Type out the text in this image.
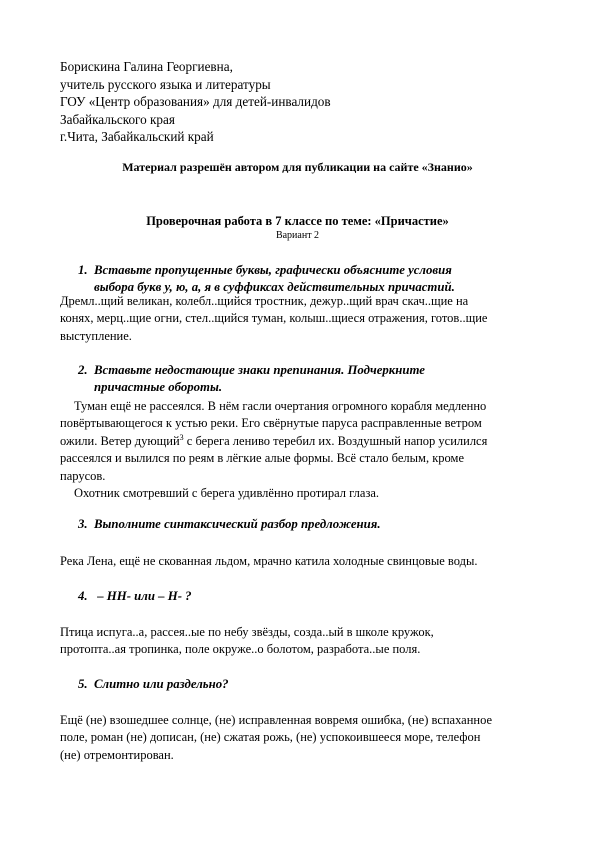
Борискина Галина Георгиевна,
учитель русского языка и литературы
ГОУ «Центр образования» для детей-инвалидов
Забайкальского края
г.Чита, Забайкальский край
Материал разрешён автором для публикации на сайте «Знанио»
Проверочная работа в 7 классе по теме: «Причастие»
Вариант 2
1. Вставьте пропущенные буквы, графически объясните условия
выбора букв у, ю, а, я в суффиксах действительных причастий.

Дремл..щий великан, колебл..щийся тростник, дежур..щий врач скач..щие на

конях, мерц..щие огни, стел..щийся туман, колыш..щиеся отражения, готов..щие

выступление.

2. Вставьте недостающие знаки препинания. Подчеркните
причастные обороты.

Туман ещё не рассеялся. В нём гасли очертания огромного корабля медленно

повёртывающегося к устью реки. Его свёрнутые паруса расправленные ветром

ожили. Ветер дующий$^3$ с берега лениво теребил их. Воздушный напор усилился

рассеялся и вылился по реям в лёгкие алые формы. Всё стало белым, кроме

парусов.

Охотник смотревший с берега удивлённо протирал глаза.

3. Выполните синтаксический разбор предложения.

Река Лена, ещё не скованная льдом, мрачно катила холодные свинцовые воды.

4. – НН- или – Н- ?

Птица испуга..а, рассея..ые по небу звёзды, созда..ый в школе кружок,

протопта..ая тропинка, поле окруже..о болотом, разработа..ые поля.

5. Слитно или раздельно?

Ещё (не) взошедшее солнце, (не) исправленная вовремя ошибка, (не) вспаханное

поле, роман (не) дописан, (не) сжатая рожь, (не) успокоившееся море, телефон

(не) отремонтирован.
